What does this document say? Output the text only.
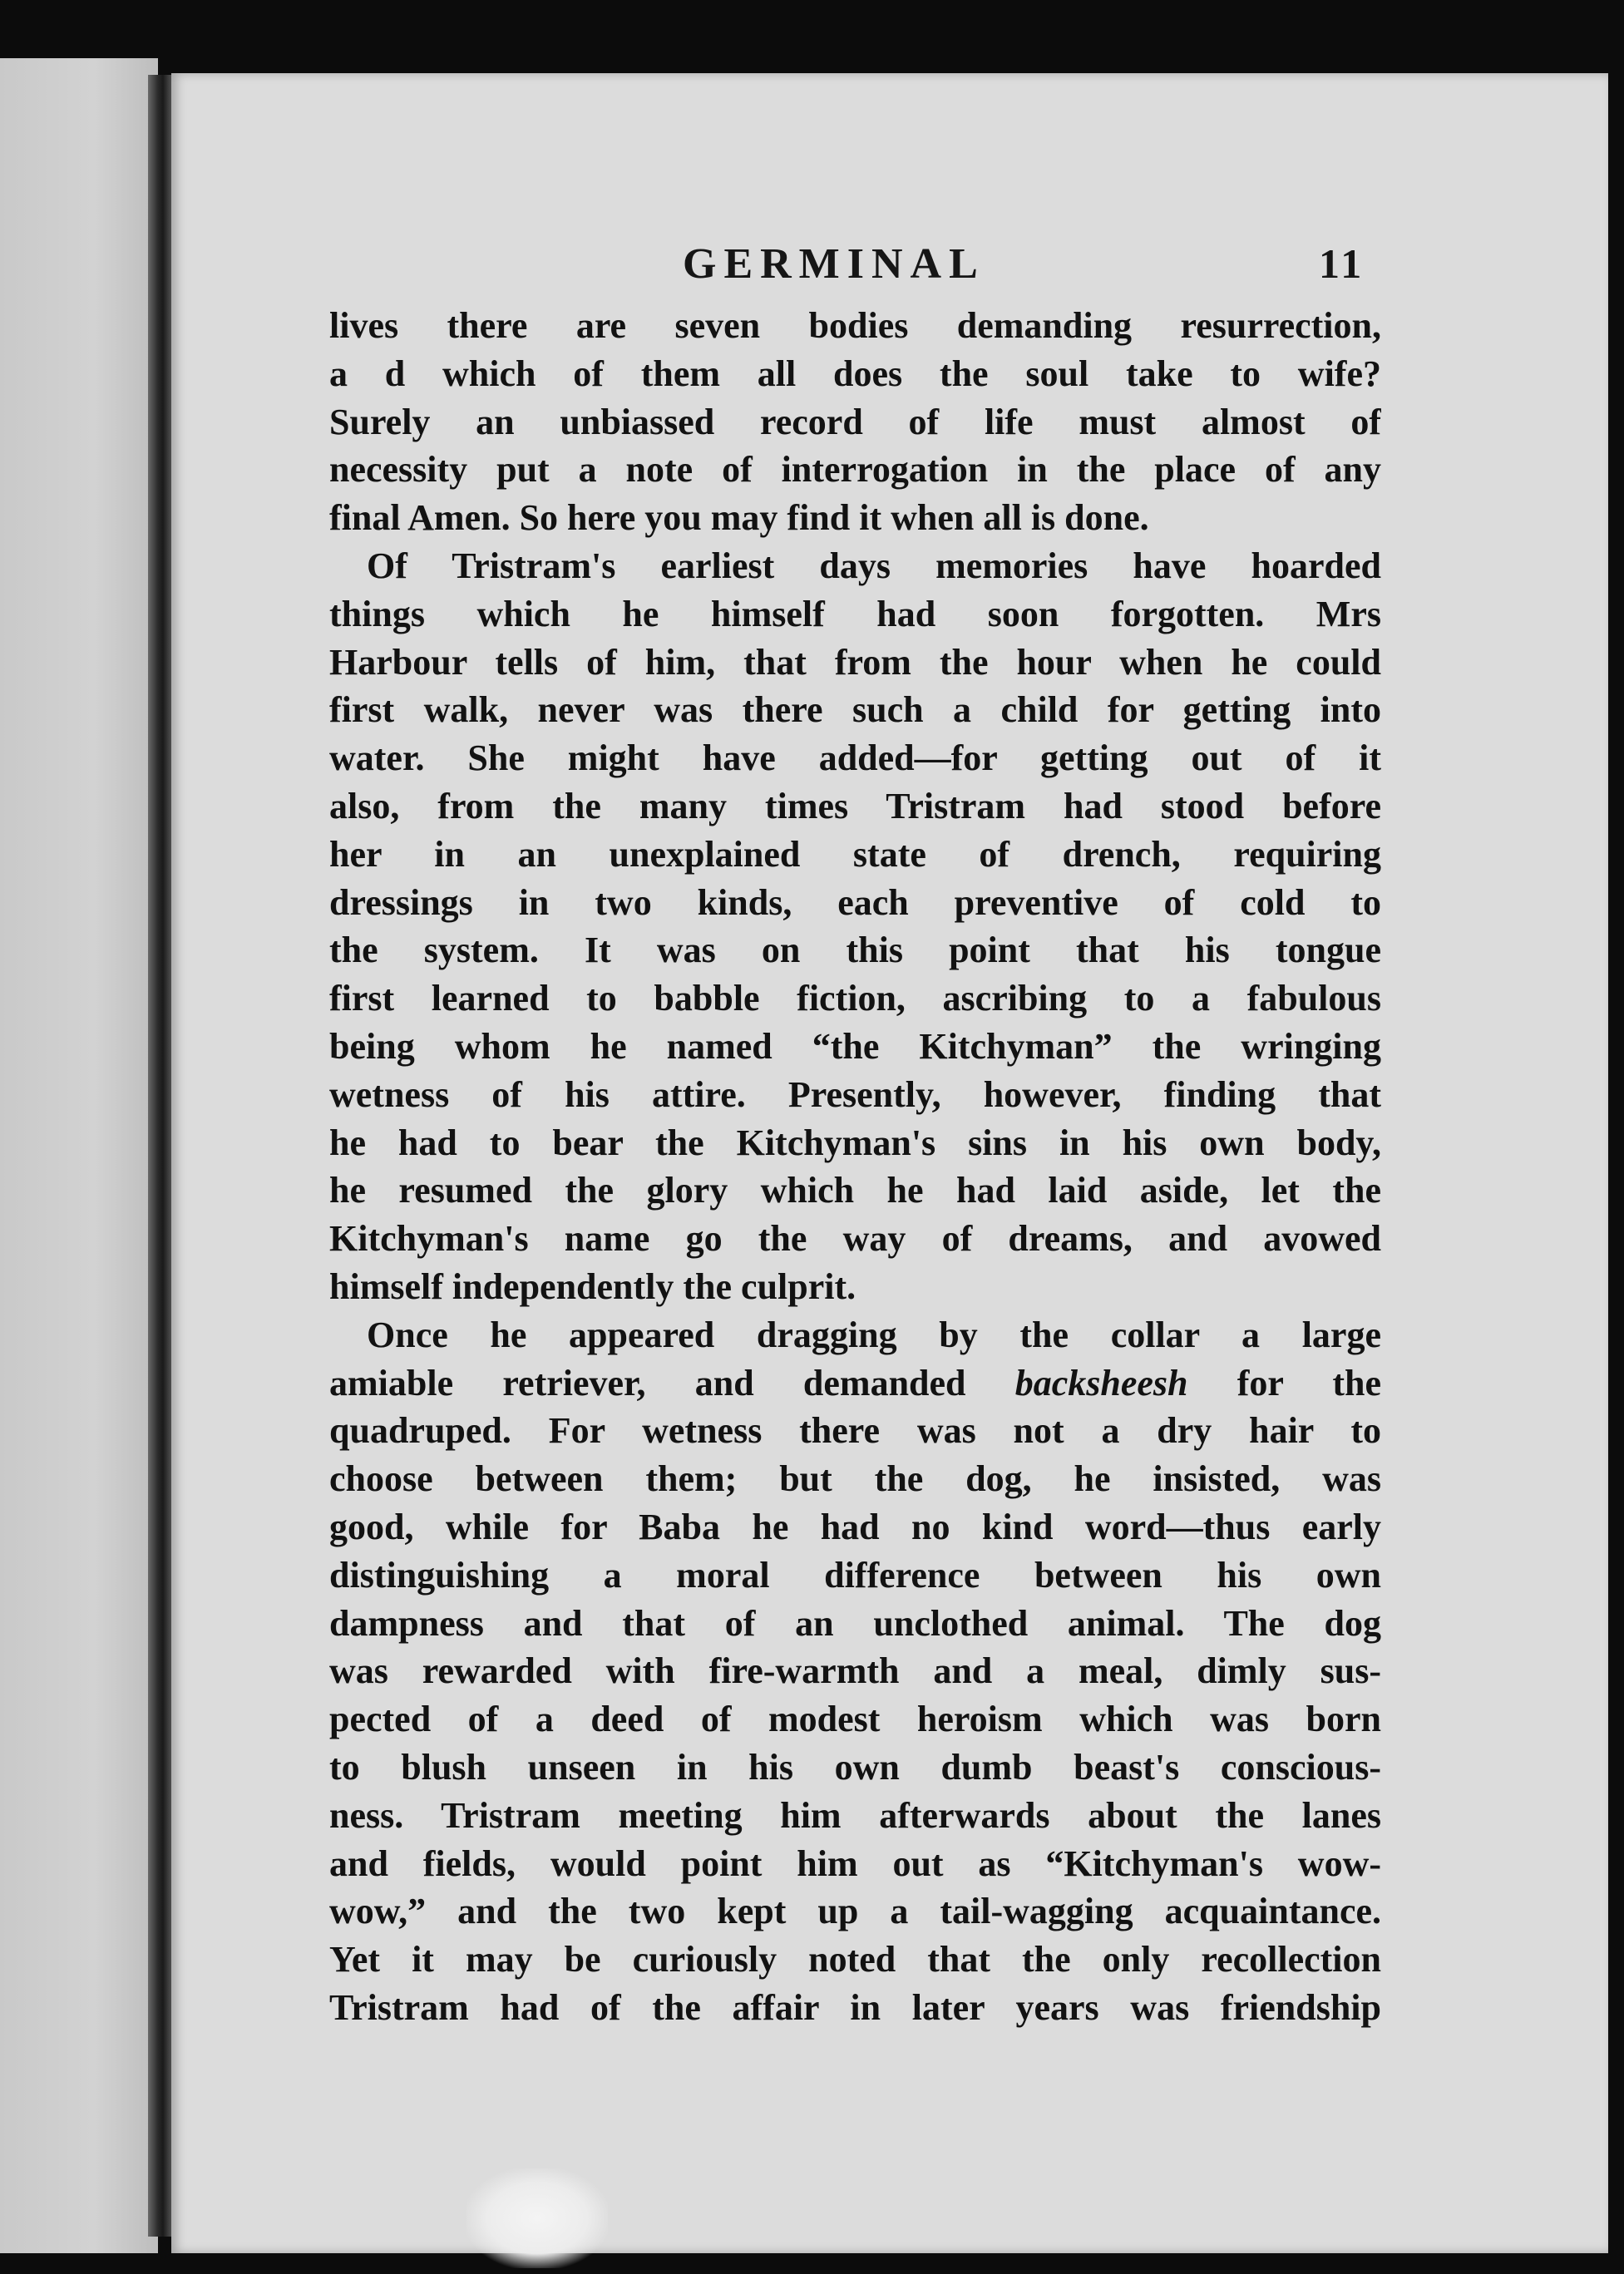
GERMINAL	11
lives there are seven bodies demanding resurrection,
a d which of them all does the soul take to wife?
Surely an unbiassed record of life must almost of
necessity put a note of interrogation in the place of any
final Amen. So here you may find it when all is done.
Of Tristram's earliest days memories have hoarded
things which he himself had soon forgotten. Mrs
Harbour tells of him, that from the hour when he could
first walk, never was there such a child for getting into
water. She might have added—for getting out of it
also, from the many times Tristram had stood before
her in an unexplained state of drench, requiring
dressings in two kinds, each preventive of cold to
the system. It was on this point that his tongue
first learned to babble fiction, ascribing to a fabulous
being whom he named “the Kitchyman” the wringing
wetness of his attire. Presently, however, finding that
he had to bear the Kitchyman's sins in his own body,
he resumed the glory which he had laid aside, let the
Kitchyman's name go the way of dreams, and avowed
himself independently the culprit.
Once he appeared dragging by the collar a large
amiable retriever, and demanded backsheesh for the
quadruped. For wetness there was not a dry hair to
choose between them; but the dog, he insisted, was
good, while for Baba he had no kind word—thus early
distinguishing a moral difference between his own
dampness and that of an unclothed animal. The dog
was rewarded with fire-warmth and a meal, dimly sus-
pected of a deed of modest heroism which was born
to blush unseen in his own dumb beast's conscious-
ness. Tristram meeting him afterwards about the lanes
and fields, would point him out as “Kitchyman's wow-
wow,” and the two kept up a tail-wagging acquaintance.
Yet it may be curiously noted that the only recollection
Tristram had of the affair in later years was friendship
